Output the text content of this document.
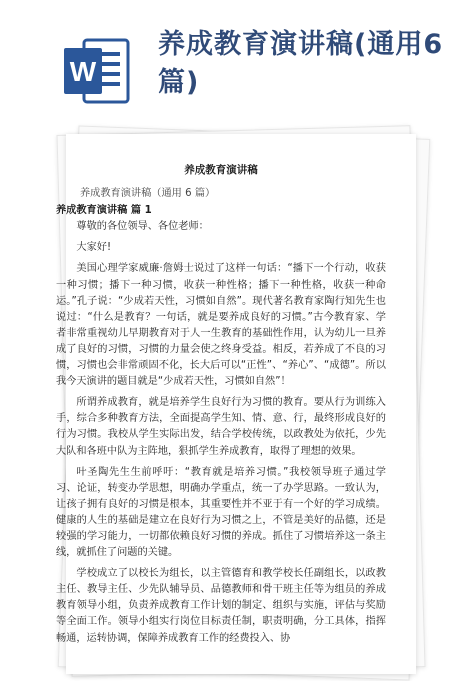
W
养成教育演讲稿(通用6篇)
养成教育演讲稿
养成教育演讲稿（通用 6 篇）
养成教育演讲稿 篇 1

尊敬的各位领导、各位老师：

大家好!

美国心理学家威廉·詹姆士说过了这样一句话：“播下一个行动，收获一种习惯；播下一种习惯，收获一种性格；播下一种性格，收获一种命运。”孔子说：“少成若天性，习惯如自然”。现代著名教育家陶行知先生也说过：“什么是教育？一句话，就是要养成良好的习惯。”古今教育家、学者非常重视幼儿早期教育对于人一生教育的基础性作用，认为幼儿一旦养成了良好的习惯，习惯的力量会使之终身受益。相反，若养成了不良的习惯，习惯也会非常顽固不化，长大后可以“正性”、“养心”、“成德”。所以我今天演讲的题目就是“少成若天性，习惯如自然”！

所谓养成教育，就是培养学生良好行为习惯的教育。要从行为训练入手，综合多种教育方法，全面提高学生知、情、意、行，最终形成良好的行为习惯。我校从学生实际出发，结合学校传统，以政教处为依托，少先大队和各班中队为主阵地，狠抓学生养成教育，取得了理想的效果。

叶圣陶先生生前呼吁：“教育就是培养习惯。”我校领导班子通过学习、论证，转变办学思想，明确办学重点，统一了办学思路。一致认为，让孩子拥有良好的习惯是根本，其重要性并不亚于有一个好的学习成绩。健康的人生的基础是建立在良好行为习惯之上，不管是美好的品德，还是较强的学习能力，一切都依赖良好习惯的养成。抓住了习惯培养这一条主线，就抓住了问题的关键。

学校成立了以校长为组长，以主管德育和教学校长任副组长，以政教主任、教导主任、少先队辅导员、品德教师和骨干班主任等为组员的养成教育领导小组，负责养成教育工作计划的制定、组织与实施，评估与奖励等全面工作。领导小组实行岗位目标责任制，职责明确，分工具体，指挥畅通，运转协调，保障养成教育工作的经费投入、协
